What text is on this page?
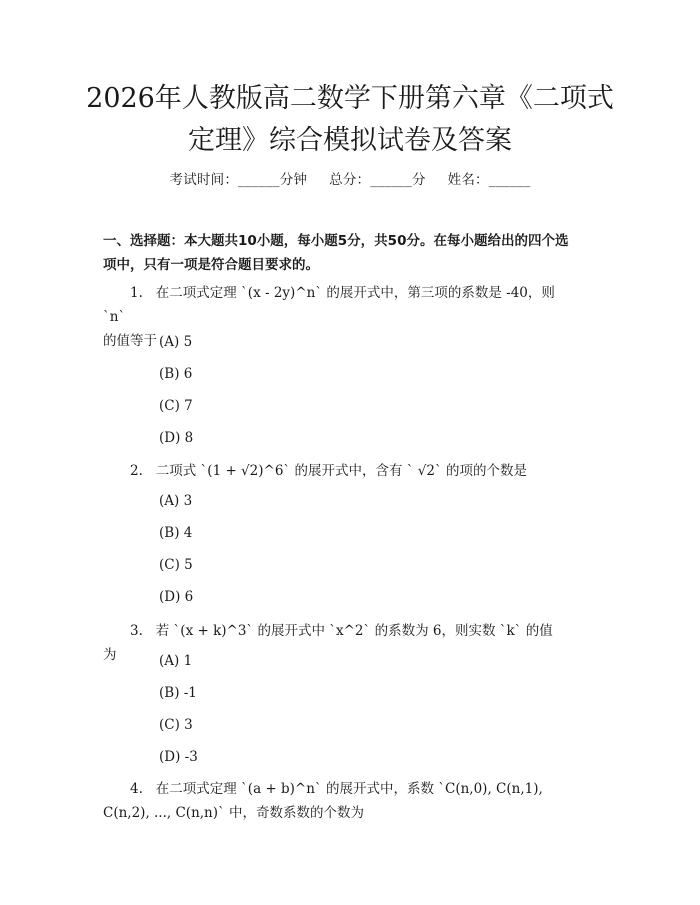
2026年人教版高二数学下册第六章《二项式
定理》综合模拟试卷及答案
考试时间：______分钟 总分：______分 姓名：______
一、选择题：本大题共10小题，每小题5分，共50分。在每小题给出的四个选
项中，只有一项是符合题目要求的。
1. 在二项式定理 `(x - 2y)^n` 的展开式中，第三项的系数是 -40，则 `n`
的值等于 (A) 5
(B) 6
(C) 7
(D) 8
2. 二项式 `(1 + √2)^6` 的展开式中，含有 ` √2` 的项的个数是
(A) 3
(B) 4
(C) 5
(D) 6
3. 若 `(x + k)^3` 的展开式中 `x^2` 的系数为 6，则实数 `k` 的值为	(A) 1
(B) -1
(C) 3
(D) -3
4. 在二项式定理 `(a + b)^n` 的展开式中，系数 `C(n,0), C(n,1),
C(n,2), ..., C(n,n)` 中，奇数系数的个数为
